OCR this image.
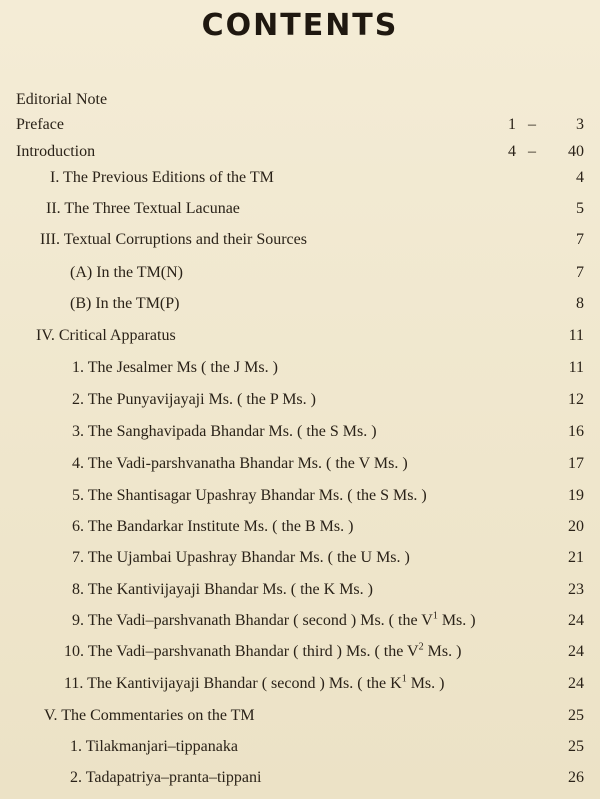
CONTENTS
Editorial Note
Preface	1 –	3
Introduction	4 – 40
I. The Previous Editions of the TM	4
II. The Three Textual Lacunae	5
III. Textual Corruptions and their Sources	7
(A) In the TM(N)	7
(B) In the TM(P)	8
IV. Critical Apparatus	11
1. The Jesalmer Ms ( the J Ms. )	11
2. The Punyavijayaji Ms. ( the P Ms. )	12
3. The Sanghavipada Bhandar Ms. ( the S Ms. )	16
4. The Vadi-parshvanatha Bhandar Ms. ( the V Ms. )	17
5. The Shantisagar Upashray Bhandar Ms. ( the S Ms. )	19
6. The Bandarkar Institute Ms. ( the B Ms. )	20
7. The Ujambai Upashray Bhandar Ms. ( the U Ms. )	21
8. The Kantivijayaji Bhandar Ms. ( the K Ms. )	23
9. The Vadi–parshvanath Bhandar ( second ) Ms. ( the $V^1$ Ms. )	24
10. The Vadi–parshvanath Bhandar ( third ) Ms. ( the $V^2$ Ms. )	24
11. The Kantivijayaji Bhandar ( second ) Ms. ( the $K^1$ Ms. )	24
V. The Commentaries on the TM	25
1. Tilakmanjari–tippanaka	25
2. Tadapatriya–pranta–tippani	26
